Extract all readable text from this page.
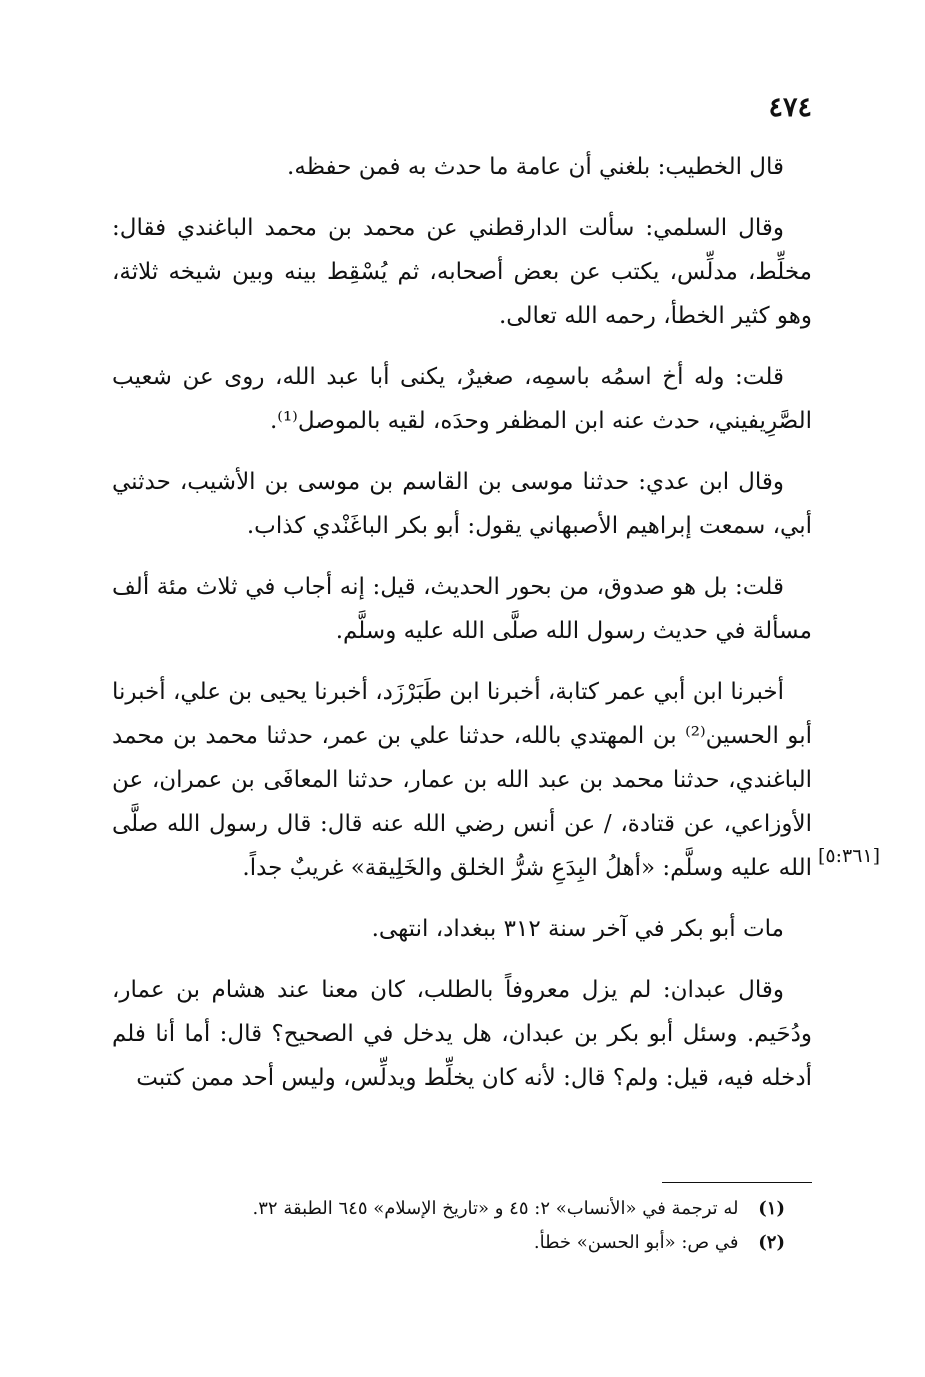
٤٧٤

قال الخطيب: بلغني أن عامة ما حدث به فمن حفظه.

وقال السلمي: سألت الدارقطني عن محمد بن محمد الباغندي فقال: مخلِّط، مدلِّس، يكتب عن بعض أصحابه، ثم يُسْقِط بينه وبين شيخه ثلاثة، وهو كثير الخطأ، رحمه الله تعالى.

قلت: وله أخ اسمُه باسمِه، صغيرٌ، يكنى أبا عبد الله، روى عن شعيب الصَّرِيفيني، حدث عنه ابن المظفر وحدَه، لقيه بالموصل⁽¹⁾.

وقال ابن عدي: حدثنا موسى بن القاسم بن موسى بن الأشيب، حدثني أبي، سمعت إبراهيم الأصبهاني يقول: أبو بكر الباغَنْدي كذاب.

قلت: بل هو صدوق، من بحور الحديث، قيل: إنه أجاب في ثلاث مئة ألف مسألة في حديث رسول الله صلَّى الله عليه وسلَّم.

أخبرنا ابن أبي عمر كتابة، أخبرنا ابن طَبَرْزَد، أخبرنا يحيى بن علي، أخبرنا أبو الحسين⁽²⁾ بن المهتدي بالله، حدثنا علي بن عمر، حدثنا محمد بن محمد الباغندي، حدثنا محمد بن عبد الله بن عمار، حدثنا المعافَى بن عمران، عن الأوزاعي، عن قتادة، / عن أنس رضي الله عنه قال: قال رسول الله صلَّى الله عليه وسلَّم: «أهلُ البِدَعِ شرُّ الخلق والخَلِيقة» غريبٌ جداً.

مات أبو بكر في آخر سنة ٣١٢ ببغداد، انتهى.

وقال عبدان: لم يزل معروفاً بالطلب، كان معنا عند هشام بن عمار، ودُحَيم. وسئل أبو بكر بن عبدان، هل يدخل في الصحيح؟ قال: أما أنا فلم أدخله فيه، قيل: ولم؟ قال: لأنه كان يخلِّط ويدلِّس، وليس أحد ممن كتبت

[٥:٣٦١]

(١) له ترجمة في «الأنساب» ٢: ٤٥ و «تاريخ الإسلام» ٦٤٥ الطبقة ٣٢.

(٢) في ص: «أبو الحسن» خطأ.
